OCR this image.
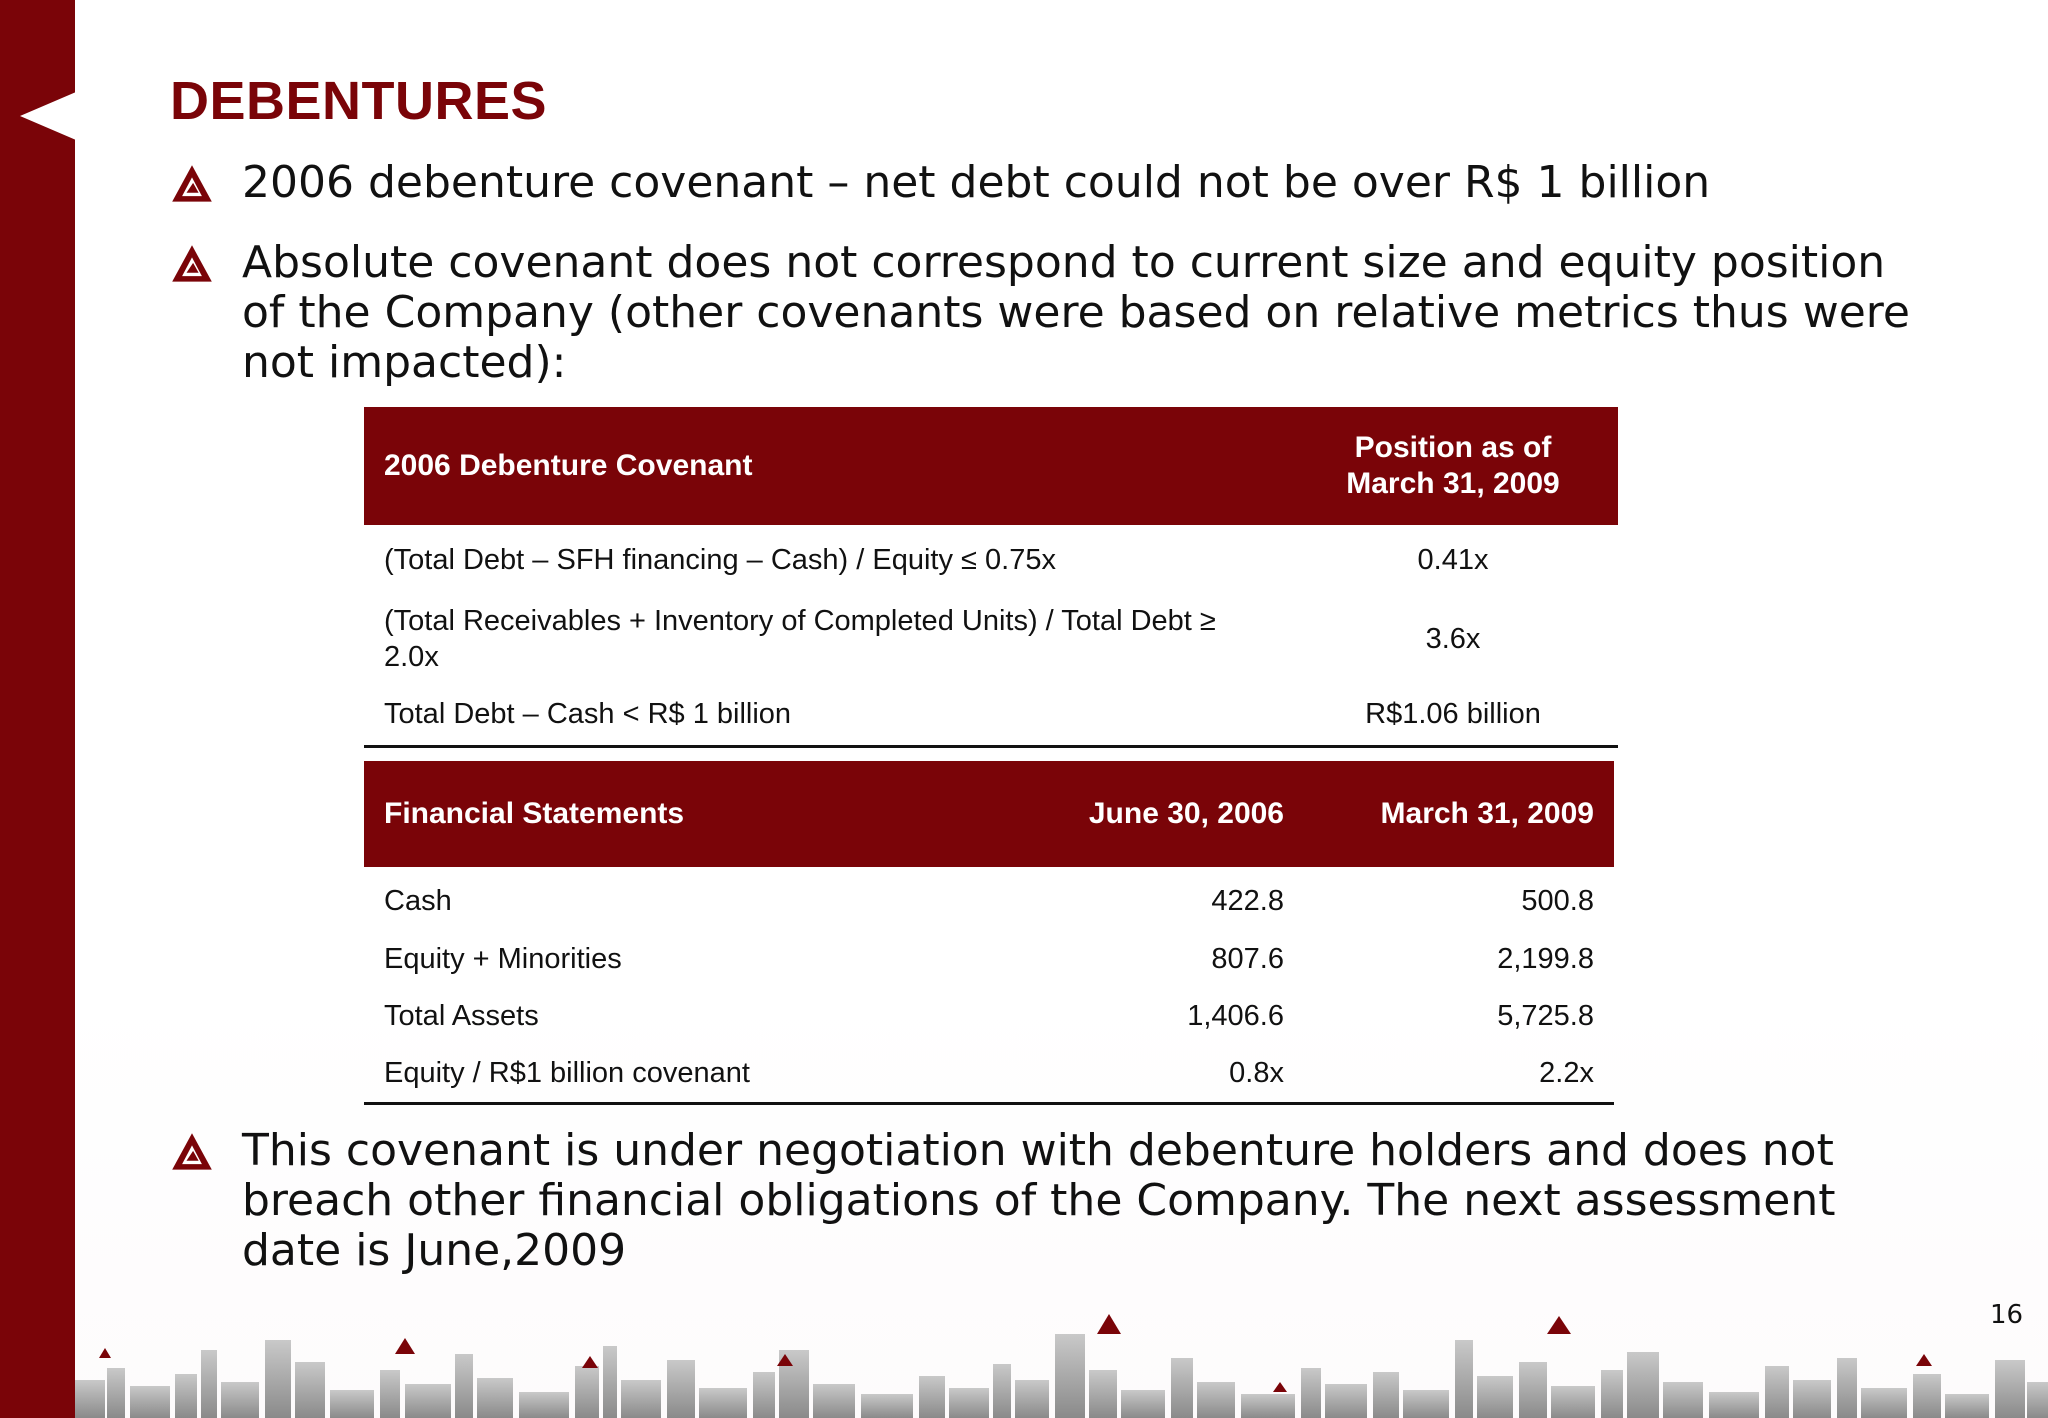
DEBENTURES
2006 debenture covenant – net debt could not be over R$ 1 billion
Absolute covenant does not correspond to current size and equity position of the Company (other covenants were based on relative metrics thus were not impacted):
2006 Debenture Covenant	Position as of March 31, 2009
(Total Debt – SFH financing – Cash) / Equity ≤ 0.75x	0.41x
(Total Receivables + Inventory of Completed Units) / Total Debt ≥ 2.0x	3.6x
Total Debt – Cash < R$ 1 billion	R$1.06 billion
Financial Statements	June 30, 2006	March 31, 2009
Cash	422.8	500.8
Equity + Minorities	807.6	2,199.8
Total Assets	1,406.6	5,725.8
Equity / R$1 billion covenant	0.8x	2.2x
This covenant is under negotiation with debenture holders and does not breach other financial obligations of the Company. The next assessment date is June,2009
16
